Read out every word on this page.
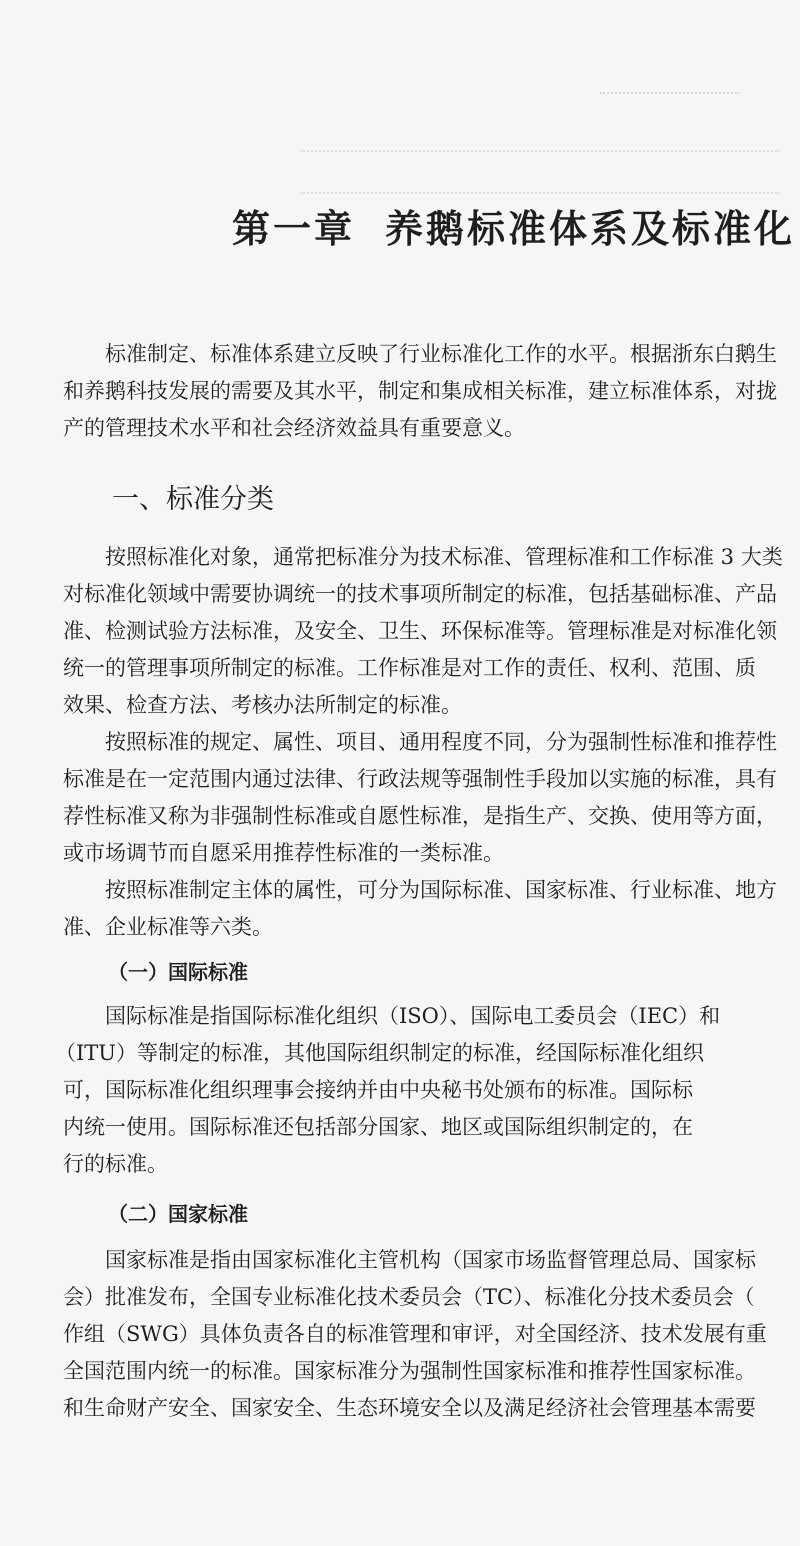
第一章 养鹅标准体系及标准化

标准制定、标准体系建立反映了行业标准化工作的水平。根据浙东白鹅生

和养鹅科技发展的需要及其水平，制定和集成相关标准，建立标准体系，对拢

产的管理技术水平和社会经济效益具有重要意义。

一、标准分类

按照标准化对象，通常把标准分为技术标准、管理标准和工作标准 3 大类

对标准化领域中需要协调统一的技术事项所制定的标准，包括基础标准、产品

准、检测试验方法标准，及安全、卫生、环保标准等。管理标准是对标准化领

统一的管理事项所制定的标准。工作标准是对工作的责任、权利、范围、质

效果、检查方法、考核办法所制定的标准。

按照标准的规定、属性、项目、通用程度不同，分为强制性标准和推荐性

标准是在一定范围内通过法律、行政法规等强制性手段加以实施的标准，具有

荐性标准又称为非强制性标准或自愿性标准，是指生产、交换、使用等方面，

或市场调节而自愿采用推荐性标准的一类标准。

按照标准制定主体的属性，可分为国际标准、国家标准、行业标准、地方

准、企业标准等六类。

（一）国际标准

国际标准是指国际标准化组织（ISO）、国际电工委员会（IEC）和

（ITU）等制定的标准，其他国际组织制定的标准，经国际标准化组织

可，国际标准化组织理事会接纳并由中央秘书处颁布的标准。国际标

内统一使用。国际标准还包括部分国家、地区或国际组织制定的，在

行的标准。

（二）国家标准

国家标准是指由国家标准化主管机构（国家市场监督管理总局、国家标

会）批准发布，全国专业标准化技术委员会（TC）、标准化分技术委员会（

作组（SWG）具体负责各自的标准管理和审评，对全国经济、技术发展有重

全国范围内统一的标准。国家标准分为强制性国家标准和推荐性国家标准。

和生命财产安全、国家安全、生态环境安全以及满足经济社会管理基本需要
